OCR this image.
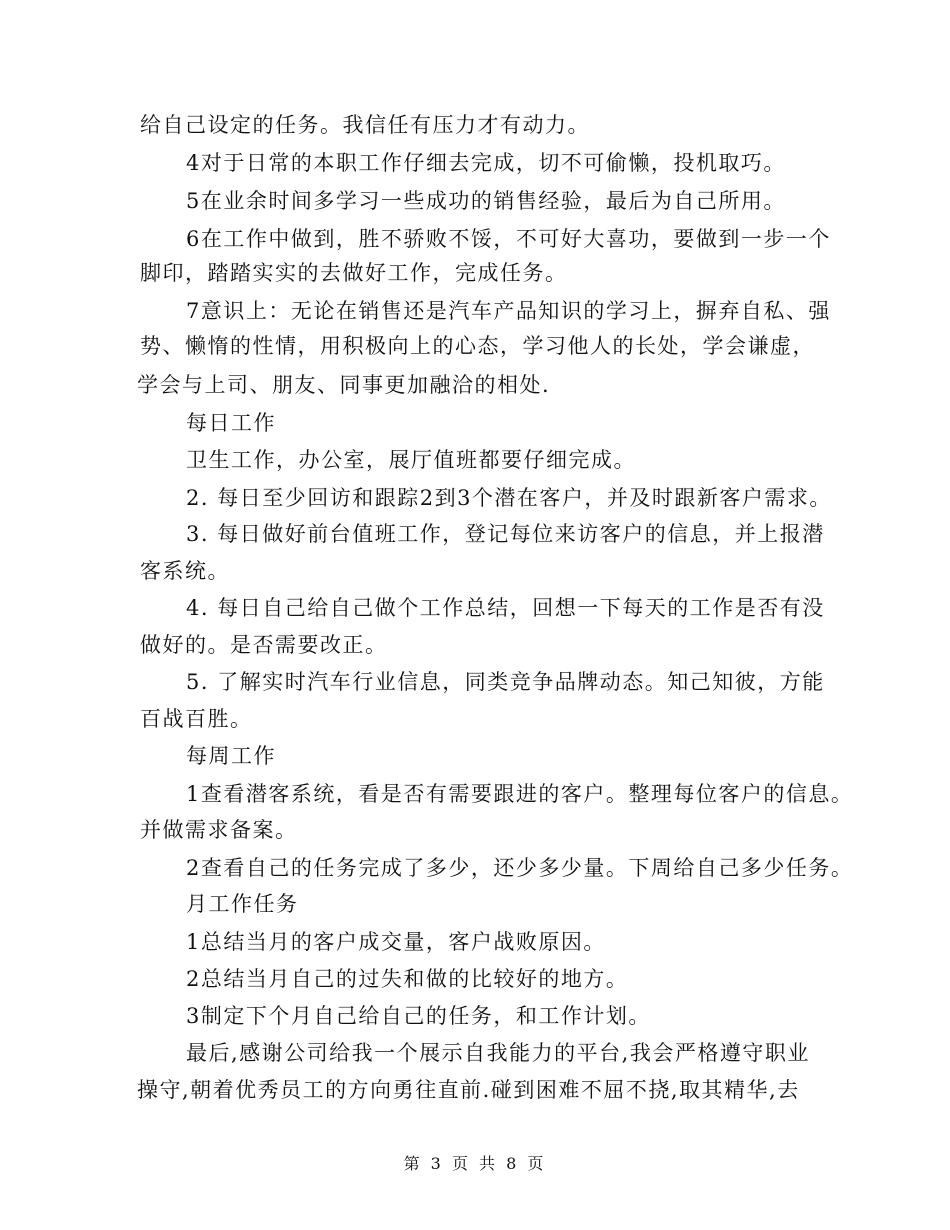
给自己设定的任务。我信任有压力才有动力。
4对于日常的本职工作仔细去完成，切不可偷懒，投机取巧。
5在业余时间多学习一些成功的销售经验，最后为自己所用。
6在工作中做到，胜不骄败不馁，不可好大喜功，要做到一步一个
脚印，踏踏实实的去做好工作，完成任务。
7意识上：无论在销售还是汽车产品知识的学习上，摒弃自私、强
势、懒惰的性情，用积极向上的心态，学习他人的长处，学会谦虚，
学会与上司、朋友、同事更加融洽的相处.
每日工作
卫生工作，办公室，展厅值班都要仔细完成。
2. 每日至少回访和跟踪2到3个潜在客户，并及时跟新客户需求。
3. 每日做好前台值班工作，登记每位来访客户的信息，并上报潜
客系统。
4. 每日自己给自己做个工作总结，回想一下每天的工作是否有没
做好的。是否需要改正。
5. 了解实时汽车行业信息，同类竞争品牌动态。知己知彼，方能
百战百胜。
每周工作
1查看潜客系统，看是否有需要跟进的客户。整理每位客户的信息。
并做需求备案。
2查看自己的任务完成了多少，还少多少量。下周给自己多少任务。
月工作任务
1总结当月的客户成交量，客户战败原因。
2总结当月自己的过失和做的比较好的地方。
3制定下个月自己给自己的任务，和工作计划。
最后,感谢公司给我一个展示自我能力的平台,我会严格遵守职业
操守,朝着优秀员工的方向勇往直前.碰到困难不屈不挠,取其精华,去
第 3 页 共 8 页
